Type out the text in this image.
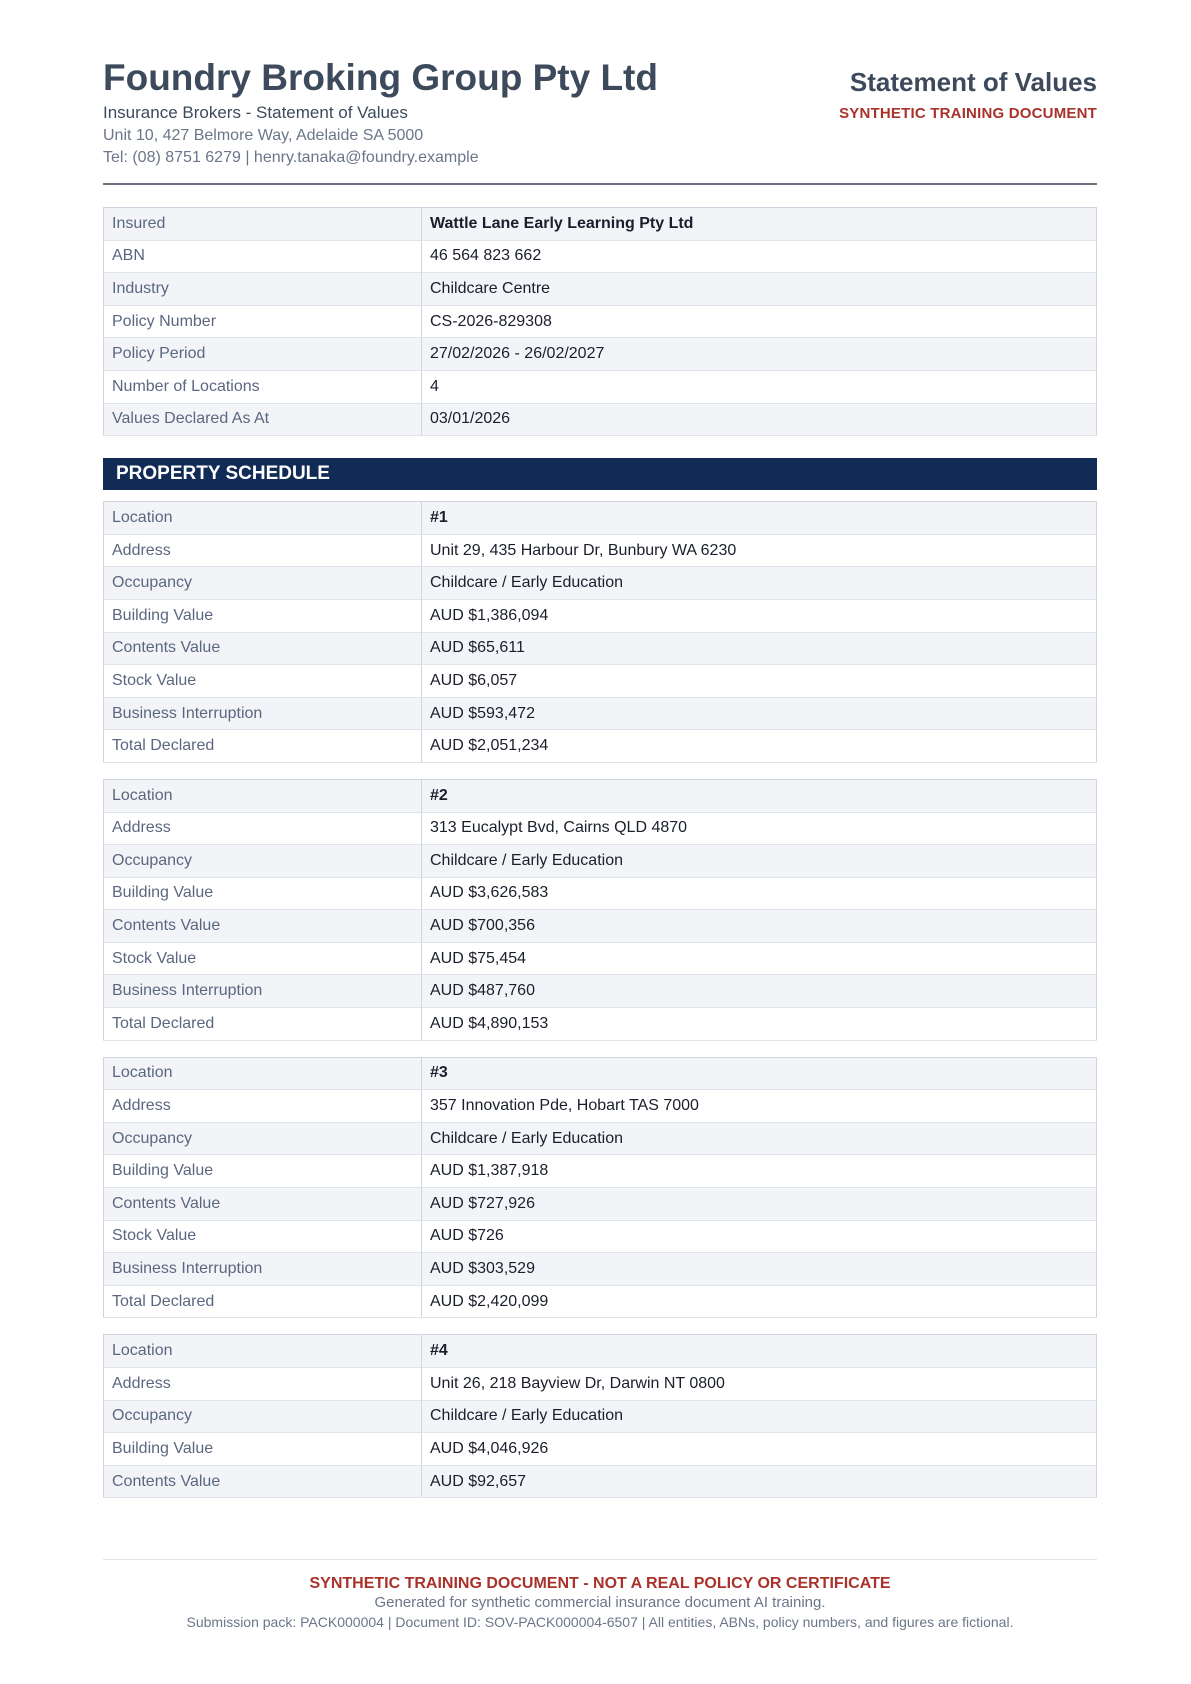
Foundry Broking Group Pty Ltd
Insurance Brokers - Statement of Values
Unit 10, 427 Belmore Way, Adelaide SA 5000
Tel: (08) 8751 6279 | henry.tanaka@foundry.example
Statement of Values
SYNTHETIC TRAINING DOCUMENT
Insured	Wattle Lane Early Learning Pty Ltd
ABN	46 564 823 662
Industry	Childcare Centre
Policy Number	CS-2026-829308
Policy Period	27/02/2026 - 26/02/2027
Number of Locations	4
Values Declared As At	03/01/2026
PROPERTY SCHEDULE
Location	#1
Address	Unit 29, 435 Harbour Dr, Bunbury WA 6230
Occupancy	Childcare / Early Education
Building Value	AUD $1,386,094
Contents Value	AUD $65,611
Stock Value	AUD $6,057
Business Interruption	AUD $593,472
Total Declared	AUD $2,051,234
Location	#2
Address	313 Eucalypt Bvd, Cairns QLD 4870
Occupancy	Childcare / Early Education
Building Value	AUD $3,626,583
Contents Value	AUD $700,356
Stock Value	AUD $75,454
Business Interruption	AUD $487,760
Total Declared	AUD $4,890,153
Location	#3
Address	357 Innovation Pde, Hobart TAS 7000
Occupancy	Childcare / Early Education
Building Value	AUD $1,387,918
Contents Value	AUD $727,926
Stock Value	AUD $726
Business Interruption	AUD $303,529
Total Declared	AUD $2,420,099
Location	#4
Address	Unit 26, 218 Bayview Dr, Darwin NT 0800
Occupancy	Childcare / Early Education
Building Value	AUD $4,046,926
Contents Value	AUD $92,657
SYNTHETIC TRAINING DOCUMENT - NOT A REAL POLICY OR CERTIFICATE
Generated for synthetic commercial insurance document AI training.
Submission pack: PACK000004 | Document ID: SOV-PACK000004-6507 | All entities, ABNs, policy numbers, and figures are fictional.
